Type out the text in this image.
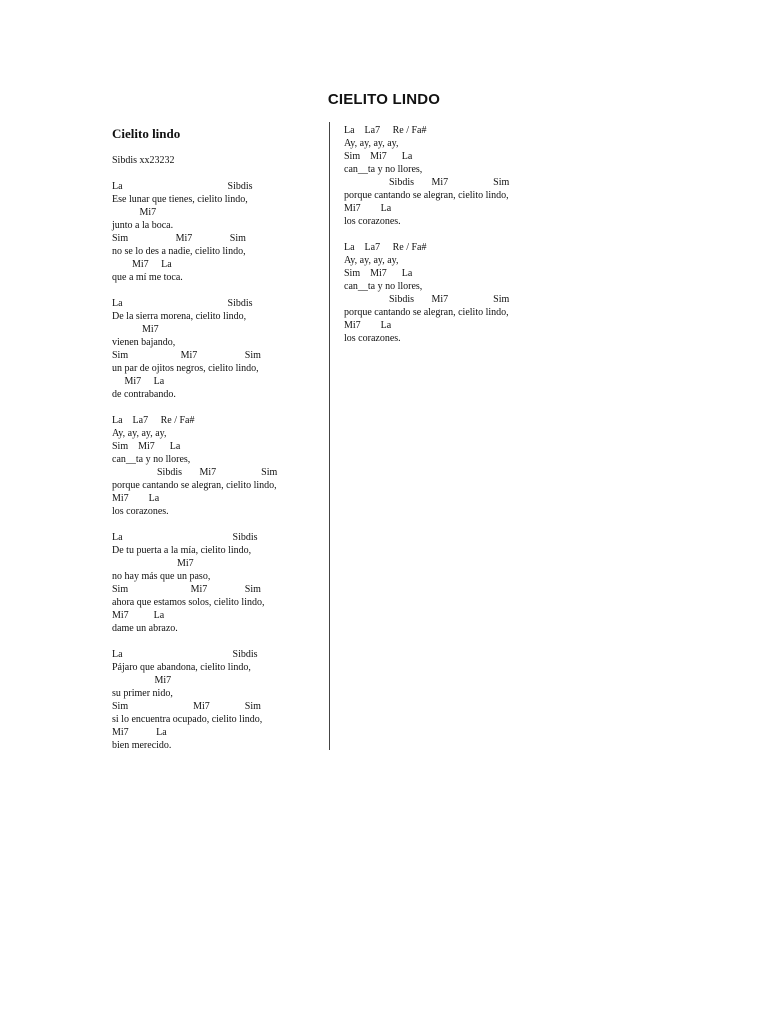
CIELITO LINDO
Cielito lindo
Sibdis xx23232
La                                          Sibdis
Ese lunar que tienes, cielito lindo,
Mi7
junto a la boca.
Sim                   Mi7               Sim
no se lo des a nadie, cielito lindo,
Mi7     La
que a mí me toca.
La                                          Sibdis
De la sierra morena, cielito lindo,
Mi7
vienen bajando,
Sim                     Mi7                   Sim
un par de ojitos negros, cielito lindo,
Mi7     La
de contrabando.
La    La7     Re / Fa#
Ay, ay, ay, ay,
Sim    Mi7      La
can__ta y no llores,
Sibdis       Mi7                  Sim
porque cantando se alegran, cielito lindo,
Mi7        La
los corazones.
La                                            Sibdis
De tu puerta a la mía, cielito lindo,
Mi7
no hay más que un paso,
Sim                         Mi7               Sim
ahora que estamos solos, cielito lindo,
Mi7          La
dame un abrazo.
La                                            Sibdis
Pájaro que abandona, cielito lindo,
Mi7
su primer nido,
Sim                          Mi7              Sim
si lo encuentra ocupado, cielito lindo,
Mi7           La
bien merecido.
La    La7     Re / Fa#
Ay, ay, ay, ay,
Sim    Mi7      La
can__ta y no llores,
Sibdis       Mi7                  Sim
porque cantando se alegran, cielito lindo,
Mi7        La
los corazones.
La    La7     Re / Fa#
Ay, ay, ay, ay,
Sim    Mi7      La
can__ta y no llores,
Sibdis       Mi7                  Sim
porque cantando se alegran, cielito lindo,
Mi7        La
los corazones.
